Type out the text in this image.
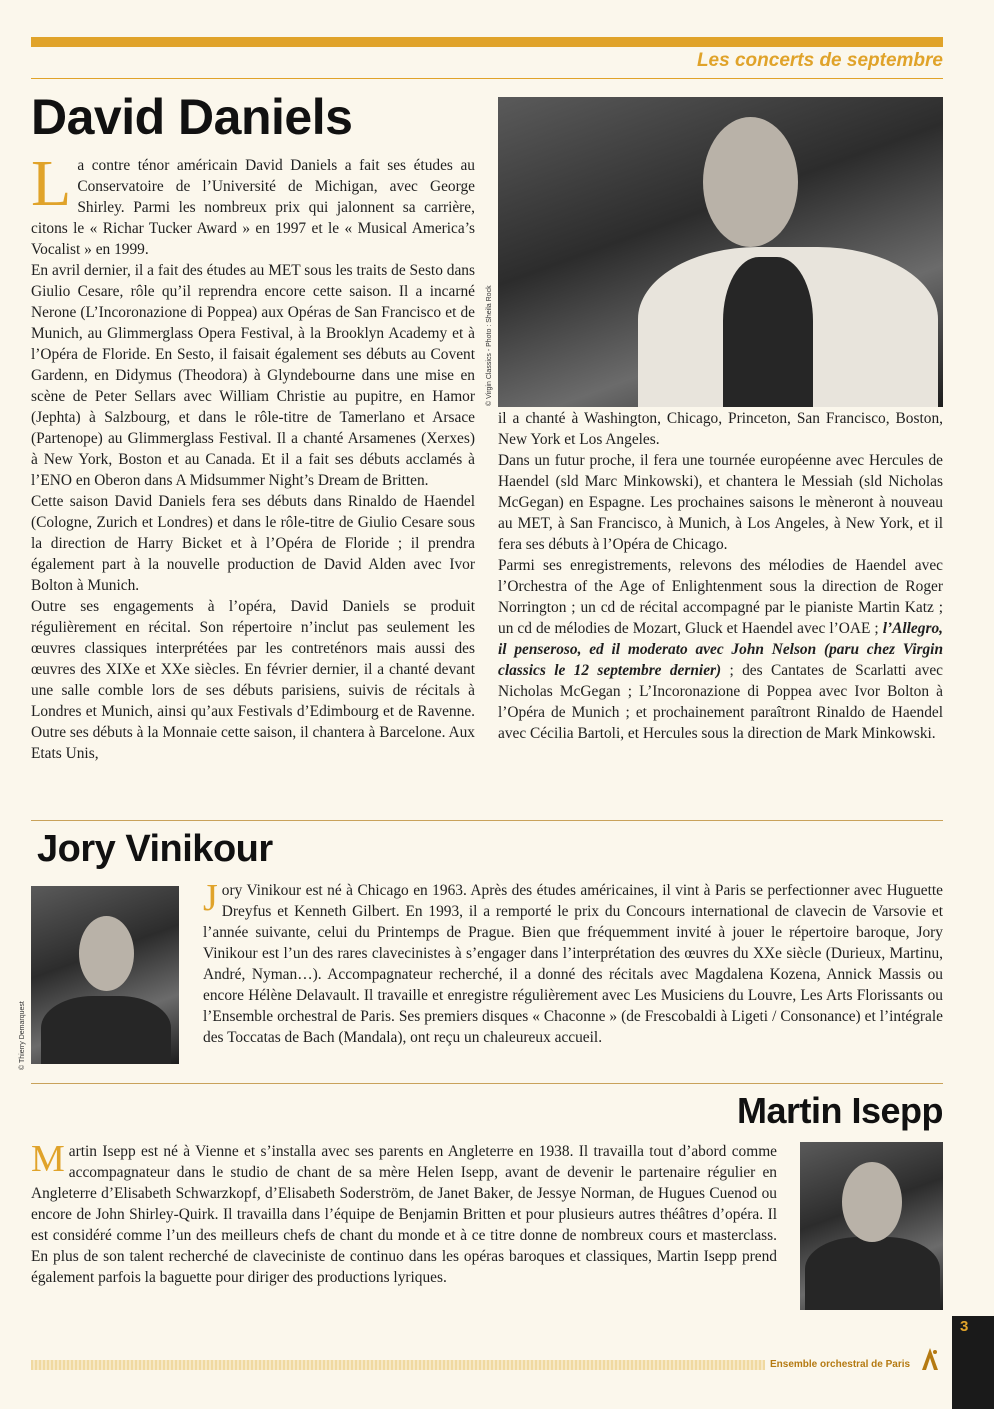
Les concerts de septembre
David Daniels
© Virgin Classics - Photo : Sheila Rock

La contre ténor américain David Daniels a fait ses études au Conservatoire de l’Université de Michigan, avec George Shirley. Parmi les nombreux prix qui jalonnent sa carrière, citons le « Richar Tucker Award » en 1997 et le « Musical America’s Vocalist » en 1999.

En avril dernier, il a fait des études au MET sous les traits de Sesto dans Giulio Cesare, rôle qu’il reprendra encore cette saison. Il a incarné Nerone (L’Incoronazione di Poppea) aux Opéras de San Francisco et de Munich, au Glimmerglass Opera Festival, à la Brooklyn Academy et à l’Opéra de Floride. En Sesto, il faisait également ses débuts au Covent Gardenn, en Didymus (Theodora) à Glyndebourne dans une mise en scène de Peter Sellars avec William Christie au pupitre, en Hamor (Jephta) à Salzbourg, et dans le rôle-titre de Tamerlano et Arsace (Partenope) au Glimmerglass Festival. Il a chanté Arsamenes (Xerxes) à New York, Boston et au Canada. Et il a fait ses débuts acclamés à l’ENO en Oberon dans A Midsummer Night’s Dream de Britten.

Cette saison David Daniels fera ses débuts dans Rinaldo de Haendel (Cologne, Zurich et Londres) et dans le rôle-titre de Giulio Cesare sous la direction de Harry Bicket et à l’Opéra de Floride ; il prendra également part à la nouvelle production de David Alden avec Ivor Bolton à Munich.

Outre ses engagements à l’opéra, David Daniels se produit régulièrement en récital. Son répertoire n’inclut pas seulement les œuvres classiques interprétées par les contreténors mais aussi des œuvres des XIXe et XXe siècles. En février dernier, il a chanté devant une salle comble lors de ses débuts parisiens, suivis de récitals à Londres et Munich, ainsi qu’aux Festivals d’Edimbourg et de Ravenne. Outre ses débuts à la Monnaie cette saison, il chantera à Barcelone. Aux Etats Unis,

il a chanté à Washington, Chicago, Princeton, San Francisco, Boston, New York et Los Angeles.

Dans un futur proche, il fera une tournée européenne avec Hercules de Haendel (sld Marc Minkowski), et chantera le Messiah (sld Nicholas McGegan) en Espagne. Les prochaines saisons le mèneront à nouveau au MET, à San Francisco, à Munich, à Los Angeles, à New York, et il fera ses débuts à l’Opéra de Chicago.

Parmi ses enregistrements, relevons des mélodies de Haendel avec l’Orchestra of the Age of Enlightenment sous la direction de Roger Norrington ; un cd de récital accompagné par le pianiste Martin Katz ; un cd de mélodies de Mozart, Gluck et Haendel avec l’OAE ; l’Allegro, il penseroso, ed il moderato avec John Nelson (paru chez Virgin classics le 12 septembre dernier) ; des Cantates de Scarlatti avec Nicholas McGegan ; L’Incoronazione di Poppea avec Ivor Bolton à l’Opéra de Munich ; et prochainement paraîtront Rinaldo de Haendel avec Cécilia Bartoli, et Hercules sous la direction de Mark Minkowski.

Jory Vinikour
© Thierry Demarquest

Jory Vinikour est né à Chicago en 1963. Après des études américaines, il vint à Paris se perfectionner avec Huguette Dreyfus et Kenneth Gilbert. En 1993, il a remporté le prix du Concours international de clavecin de Varsovie et l’année suivante, celui du Printemps de Prague. Bien que fréquemment invité à jouer le répertoire baroque, Jory Vinikour est l’un des rares clavecinistes à s’engager dans l’interprétation des œuvres du XXe siècle (Durieux, Martinu, André, Nyman…). Accompagnateur recherché, il a donné des récitals avec Magdalena Kozena, Annick Massis ou encore Hélène Delavault. Il travaille et enregistre régulièrement avec Les Musiciens du Louvre, Les Arts Florissants ou l’Ensemble orchestral de Paris. Ses premiers disques « Chaconne » (de Frescobaldi à Ligeti / Consonance) et l’intégrale des Toccatas de Bach (Mandala), ont reçu un chaleureux accueil.

Martin Isepp

Martin Isepp est né à Vienne et s’installa avec ses parents en Angleterre en 1938. Il travailla tout d’abord comme accompagnateur dans le studio de chant de sa mère Helen Isepp, avant de devenir le partenaire régulier en Angleterre d’Elisabeth Schwarzkopf, d’Elisabeth Soderström, de Janet Baker, de Jessye Norman, de Hugues Cuenod ou encore de John Shirley-Quirk. Il travailla dans l’équipe de Benjamin Britten et pour plusieurs autres théâtres d’opéra. Il est considéré comme l’un des meilleurs chefs de chant du monde et à ce titre donne de nombreux cours et masterclass. En plus de son talent recherché de claveciniste de continuo dans les opéras baroques et classiques, Martin Isepp prend également parfois la baguette pour diriger des productions lyriques.

Ensemble orchestral de Paris
3
